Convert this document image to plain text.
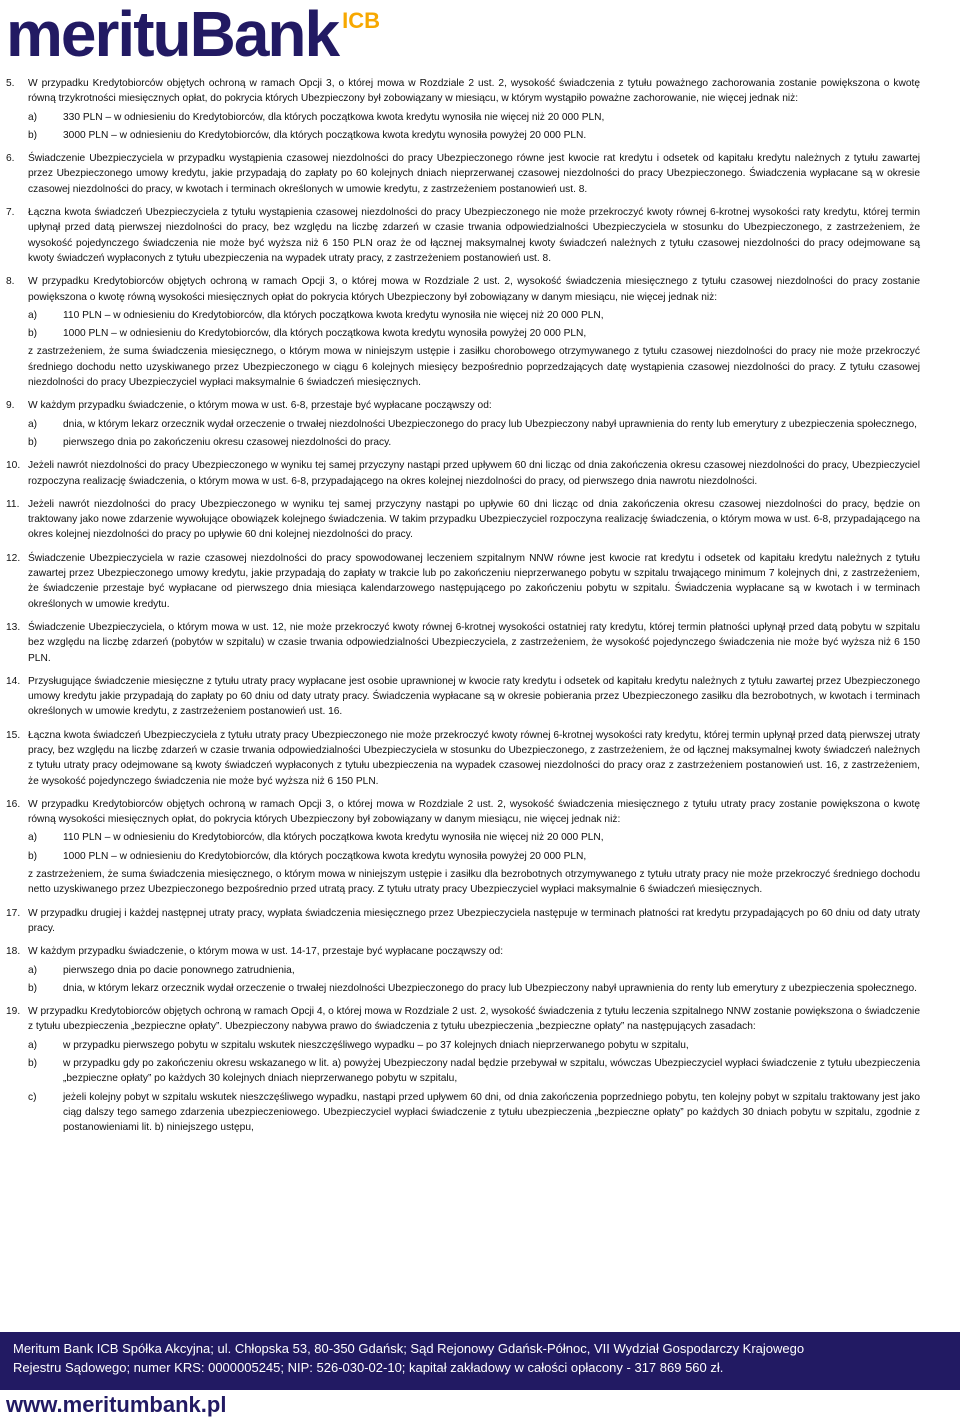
merituBank ICB
5.	W przypadku Kredytobiorców objętych ochroną w ramach Opcji 3, o której mowa w Rozdziale 2 ust. 2, wysokość świadczenia z tytułu poważnego zachorowania zostanie powiększona o kwotę równą trzykrotności miesięcznych opłat, do pokrycia których Ubezpieczony był zobowiązany w miesiącu, w którym wystąpiło poważne zachorowanie, nie więcej jednak niż:
a)	330 PLN – w odniesieniu do Kredytobiorców, dla których początkowa kwota kredytu wynosiła nie więcej niż 20 000 PLN,
b)	3000 PLN – w odniesieniu do Kredytobiorców, dla których początkowa kwota kredytu wynosiła powyżej 20 000 PLN.
6.	Świadczenie Ubezpieczyciela w przypadku wystąpienia czasowej niezdolności do pracy Ubezpieczonego równe jest kwocie rat kredytu i odsetek od kapitału kredytu należnych z tytułu zawartej przez Ubezpieczonego umowy kredytu, jakie przypadają do zapłaty po 60 kolejnych dniach nieprzerwanej czasowej niezdolności do pracy Ubezpieczonego. Świadczenia wypłacane są w okresie czasowej niezdolności do pracy, w kwotach i terminach określonych w umowie kredytu, z zastrzeżeniem postanowień ust. 8.
7.	Łączna kwota świadczeń Ubezpieczyciela z tytułu wystąpienia czasowej niezdolności do pracy Ubezpieczonego nie może przekroczyć kwoty równej 6-krotnej wysokości raty kredytu, której termin upłynął przed datą pierwszej niezdolności do pracy, bez względu na liczbę zdarzeń w czasie trwania odpowiedzialności Ubezpieczyciela w stosunku do Ubezpieczonego, z zastrzeżeniem, że wysokość pojedynczego świadczenia nie może być wyższa niż 6 150 PLN oraz że od łącznej maksymalnej kwoty świadczeń należnych z tytułu czasowej niezdolności do pracy odejmowane są kwoty świadczeń wypłaconych z tytułu ubezpieczenia na wypadek utraty pracy, z zastrzeżeniem postanowień ust. 8.
8.	W przypadku Kredytobiorców objętych ochroną w ramach Opcji 3, o której mowa w Rozdziale 2 ust. 2, wysokość świadczenia miesięcznego z tytułu czasowej niezdolności do pracy zostanie powiększona o kwotę równą wysokości miesięcznych opłat do pokrycia których Ubezpieczony był zobowiązany w danym miesiącu, nie więcej jednak niż:
a)	110 PLN – w odniesieniu do Kredytobiorców, dla których początkowa kwota kredytu wynosiła nie więcej niż 20 000 PLN,
b)	1000 PLN – w odniesieniu do Kredytobiorców, dla których początkowa kwota kredytu wynosiła powyżej 20 000 PLN,
z zastrzeżeniem, że suma świadczenia miesięcznego, o którym mowa w niniejszym ustępie i zasiłku chorobowego otrzymywanego z tytułu czasowej niezdolności do pracy nie może przekroczyć średniego dochodu netto uzyskiwanego przez Ubezpieczonego w ciągu 6 kolejnych miesięcy bezpośrednio poprzedzających datę wystąpienia czasowej niezdolności do pracy. Z tytułu czasowej niezdolności do pracy Ubezpieczyciel wypłaci maksymalnie 6 świadczeń miesięcznych.
9.	W każdym przypadku świadczenie, o którym mowa w ust. 6-8, przestaje być wypłacane począwszy od:
a)	dnia, w którym lekarz orzecznik wydał orzeczenie o trwałej niezdolności Ubezpieczonego do pracy lub Ubezpieczony nabył uprawnienia do renty lub emerytury z ubezpieczenia społecznego,
b)	pierwszego dnia po zakończeniu okresu czasowej niezdolności do pracy.
10. Jeżeli nawrót niezdolności do pracy Ubezpieczonego w wyniku tej samej przyczyny nastąpi przed upływem 60 dni licząc od dnia zakończenia okresu czasowej niezdolności do pracy, Ubezpieczyciel rozpoczyna realizację świadczenia, o którym mowa w ust. 6-8, przypadającego na okres kolejnej niezdolności do pracy, od pierwszego dnia nawrotu niezdolności.
11. Jeżeli nawrót niezdolności do pracy Ubezpieczonego w wyniku tej samej przyczyny nastąpi po upływie 60 dni licząc od dnia zakończenia okresu czasowej niezdolności do pracy, będzie on traktowany jako nowe zdarzenie wywołujące obowiązek kolejnego świadczenia. W takim przypadku Ubezpieczyciel rozpoczyna realizację świadczenia, o którym mowa w ust. 6-8, przypadającego na okres kolejnej niezdolności do pracy po upływie 60 dni kolejnej niezdolności do pracy.
12. Świadczenie Ubezpieczyciela w razie czasowej niezdolności do pracy spowodowanej leczeniem szpitalnym NNW równe jest kwocie rat kredytu i odsetek od kapitału kredytu należnych z tytułu zawartej przez Ubezpieczonego umowy kredytu, jakie przypadają do zapłaty w trakcie lub po zakończeniu nieprzerwanego pobytu w szpitalu trwającego minimum 7 kolejnych dni, z zastrzeżeniem, że świadczenie przestaje być wypłacane od pierwszego dnia miesiąca kalendarzowego następującego po zakończeniu pobytu w szpitalu. Świadczenia wypłacane są w kwotach i w terminach określonych w umowie kredytu.
13. Świadczenie Ubezpieczyciela, o którym mowa w ust. 12, nie może przekroczyć kwoty równej 6-krotnej wysokości ostatniej raty kredytu, której termin płatności upłynął przed datą pobytu w szpitalu bez względu na liczbę zdarzeń (pobytów w szpitalu) w czasie trwania odpowiedzialności Ubezpieczyciela, z zastrzeżeniem, że wysokość pojedynczego świadczenia nie może być wyższa niż 6 150 PLN.
14. Przysługujące świadczenie miesięczne z tytułu utraty pracy wypłacane jest osobie uprawnionej w kwocie raty kredytu i odsetek od kapitału kredytu należnych z tytułu zawartej przez Ubezpieczonego umowy kredytu jakie przypadają do zapłaty po 60 dniu od daty utraty pracy. Świadczenia wypłacane są w okresie pobierania przez Ubezpieczonego zasiłku dla bezrobotnych, w kwotach i terminach określonych w umowie kredytu, z zastrzeżeniem postanowień ust. 16.
15. Łączna kwota świadczeń Ubezpieczyciela z tytułu utraty pracy Ubezpieczonego nie może przekroczyć kwoty równej 6-krotnej wysokości raty kredytu, której termin upłynął przed datą pierwszej utraty pracy, bez względu na liczbę zdarzeń w czasie trwania odpowiedzialności Ubezpieczyciela w stosunku do Ubezpieczonego, z zastrzeżeniem, że od łącznej maksymalnej kwoty świadczeń należnych z tytułu utraty pracy odejmowane są kwoty świadczeń wypłaconych z tytułu ubezpieczenia na wypadek czasowej niezdolności do pracy oraz z zastrzeżeniem postanowień ust. 16, z zastrzeżeniem, że wysokość pojedynczego świadczenia nie może być wyższa niż 6 150 PLN.
16. W przypadku Kredytobiorców objętych ochroną w ramach Opcji 3, o której mowa w Rozdziale 2 ust. 2, wysokość świadczenia miesięcznego z tytułu utraty pracy zostanie powiększona o kwotę równą wysokości miesięcznych opłat, do pokrycia których Ubezpieczony był zobowiązany w danym miesiącu, nie więcej jednak niż:
a)	110 PLN – w odniesieniu do Kredytobiorców, dla których początkowa kwota kredytu wynosiła nie więcej niż 20 000 PLN,
b)	1000 PLN – w odniesieniu do Kredytobiorców, dla których początkowa kwota kredytu wynosiła powyżej 20 000 PLN,
z zastrzeżeniem, że suma świadczenia miesięcznego, o którym mowa w niniejszym ustępie i zasiłku dla bezrobotnych otrzymywanego z tytułu utraty pracy nie może przekroczyć średniego dochodu netto uzyskiwanego przez Ubezpieczonego bezpośrednio przed utratą pracy. Z tytułu utraty pracy Ubezpieczyciel wypłaci maksymalnie 6 świadczeń miesięcznych.
17. W przypadku drugiej i każdej następnej utraty pracy, wypłata świadczenia miesięcznego przez Ubezpieczyciela następuje w terminach płatności rat kredytu przypadających po 60 dniu od daty utraty pracy.
18. W każdym przypadku świadczenie, o którym mowa w ust. 14-17, przestaje być wypłacane począwszy od:
a)	pierwszego dnia po dacie ponownego zatrudnienia,
b)	dnia, w którym lekarz orzecznik wydał orzeczenie o trwałej niezdolności Ubezpieczonego do pracy lub Ubezpieczony nabył uprawnienia do renty lub emerytury z ubezpieczenia społecznego.
19. W przypadku Kredytobiorców objętych ochroną w ramach Opcji 4, o której mowa w Rozdziale 2 ust. 2, wysokość świadczenia z tytułu leczenia szpitalnego NNW zostanie powiększona o świadczenie z tytułu ubezpieczenia „bezpieczne opłaty”. Ubezpieczony nabywa prawo do świadczenia z tytułu ubezpieczenia „bezpieczne opłaty” na następujących zasadach:
a)	w przypadku pierwszego pobytu w szpitalu wskutek nieszczęśliwego wypadku – po 37 kolejnych dniach nieprzerwanego pobytu w szpitalu,
b)	w przypadku gdy po zakończeniu okresu wskazanego w lit. a) powyżej Ubezpieczony nadal będzie przebywał w szpitalu, wówczas Ubezpieczyciel wypłaci świadczenie z tytułu ubezpieczenia „bezpieczne opłaty” po każdych 30 kolejnych dniach nieprzerwanego pobytu w szpitalu,
c)	jeżeli kolejny pobyt w szpitalu wskutek nieszczęśliwego wypadku, nastąpi przed upływem 60 dni, od dnia zakończenia poprzedniego pobytu, ten kolejny pobyt w szpitalu traktowany jest jako ciąg dalszy tego samego zdarzenia ubezpieczeniowego. Ubezpieczyciel wypłaci świadczenie z tytułu ubezpieczenia „bezpieczne opłaty” po każdych 30 dniach pobytu w szpitalu, zgodnie z postanowieniami lit. b) niniejszego ustępu,
Meritum Bank ICB Spółka Akcyjna; ul. Chłopska 53, 80-350 Gdańsk; Sąd Rejonowy Gdańsk-Północ, VII Wydział Gospodarczy Krajowego
Rejestru Sądowego; numer KRS: 0000005245; NIP: 526-030-02-10; kapitał zakładowy w całości opłacony - 317 869 560 zł.
www.meritumbank.pl
